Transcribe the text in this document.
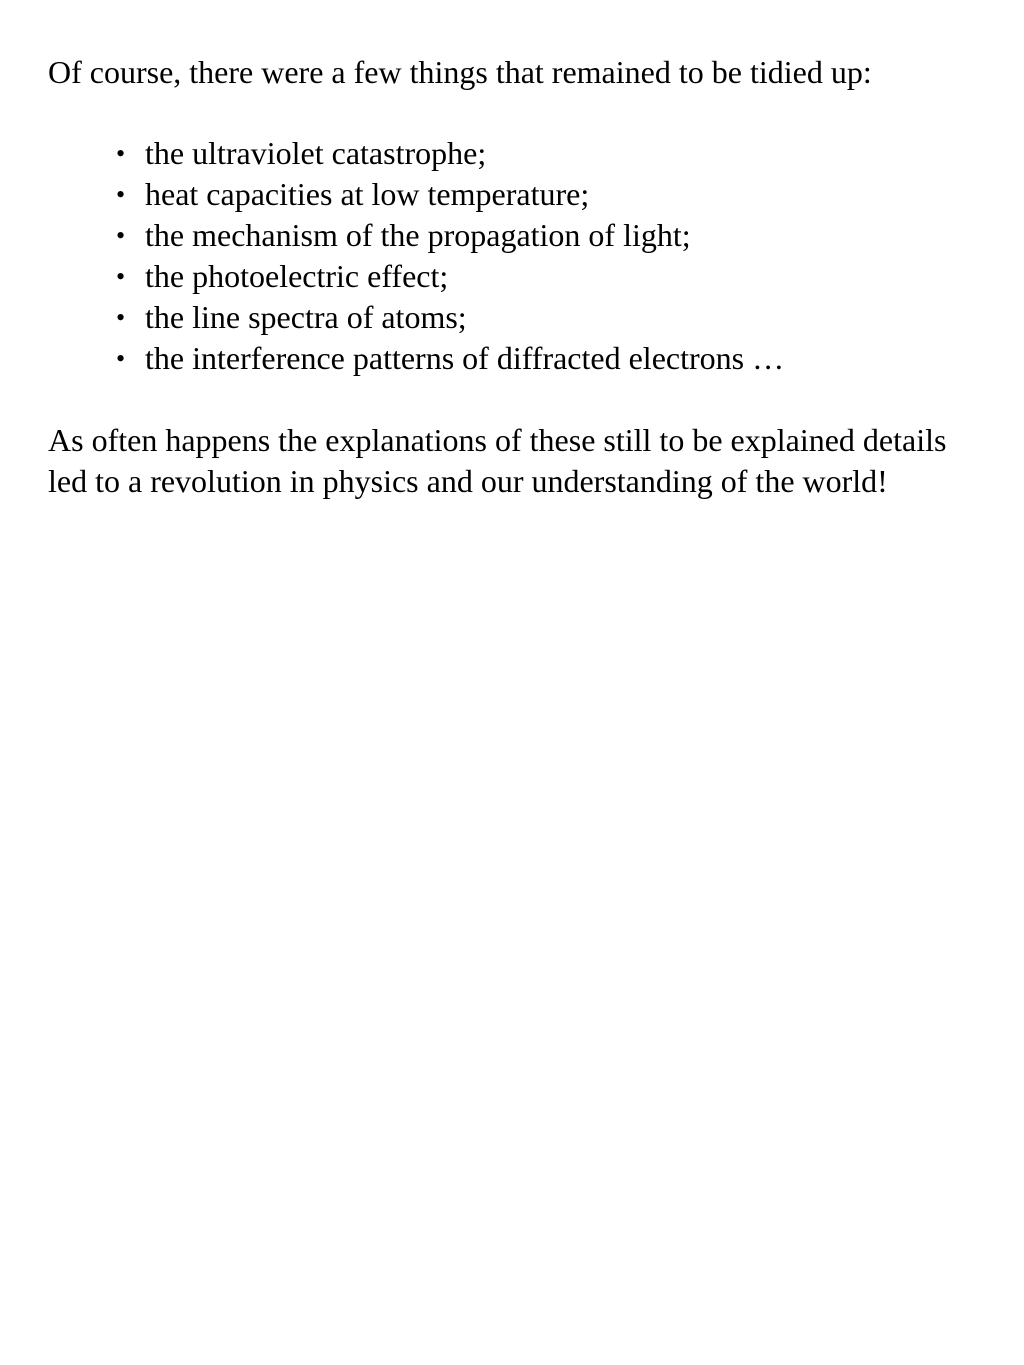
Of course, there were a few things that remained to be tidied up:

• the ultraviolet catastrophe;
• heat capacities at low temperature;
• the mechanism of the propagation of light;
• the photoelectric effect;
• the line spectra of atoms;
• the interference patterns of diffracted electrons …

As often happens the explanations of these still to be explained details led to a revolution in physics and our understanding of the world!
